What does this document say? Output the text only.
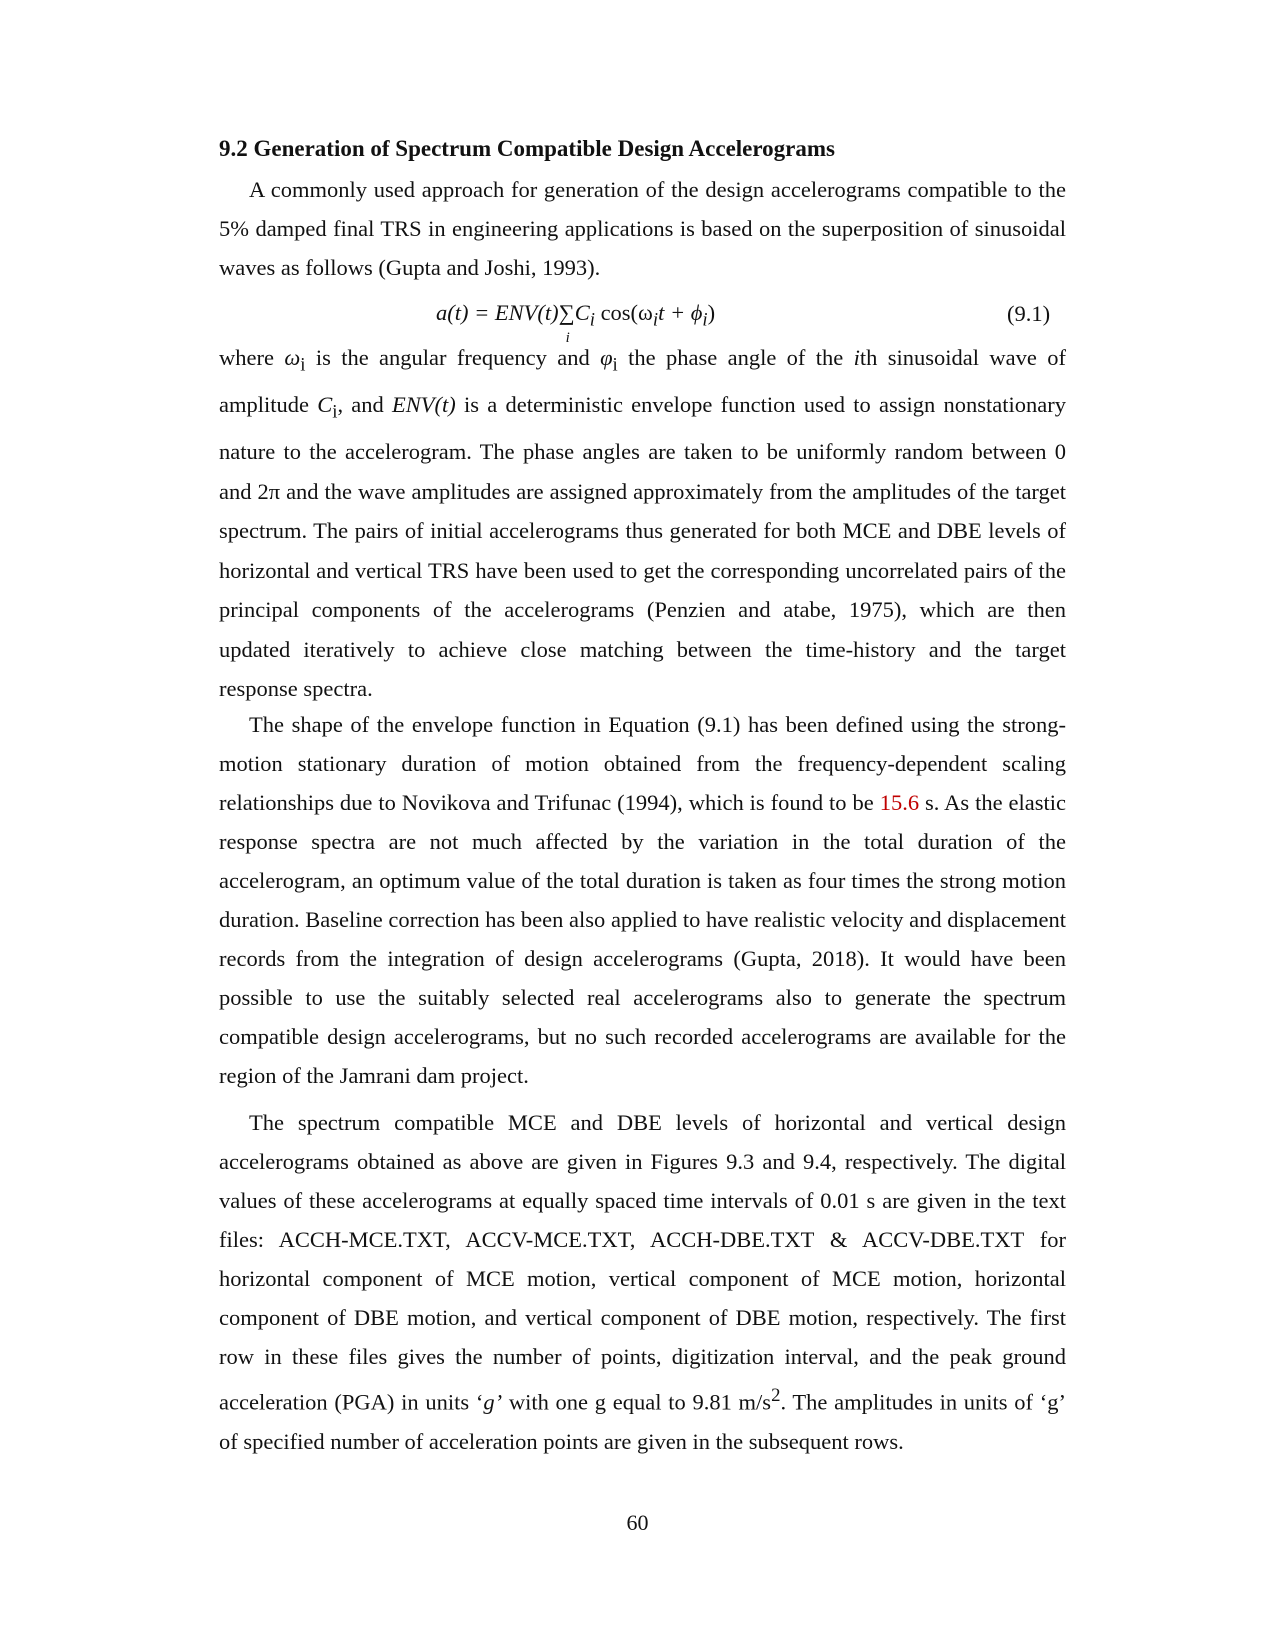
9.2 Generation of Spectrum Compatible Design Accelerograms

A commonly used approach for generation of the design accelerograms compatible to the 5% damped final TRS in engineering applications is based on the superposition of sinusoidal waves as follows (Gupta and Joshi, 1993).

a(t) = ENV(t)∑
i
$C_i$ $\cos(\omega_it + \phi_i)$	(9.1)

where $\omega_i$ is the angular frequency and $\varphi_i$ the phase angle of the ith sinusoidal wave of amplitude $C_i$, and ENV(t) is a deterministic envelope function used to assign nonstationary nature to the accelerogram. The phase angles are taken to be uniformly random between 0 and 2π and the wave amplitudes are assigned approximately from the amplitudes of the target spectrum. The pairs of initial accelerograms thus generated for both MCE and DBE levels of horizontal and vertical TRS have been used to get the corresponding uncorrelated pairs of the principal components of the accelerograms (Penzien and atabe, 1975), which are then updated iteratively to achieve close matching between the time-history and the target response spectra.

The shape of the envelope function in Equation (9.1) has been defined using the strong-motion stationary duration of motion obtained from the frequency-dependent scaling relationships due to Novikova and Trifunac (1994), which is found to be 15.6 s. As the elastic response spectra are not much affected by the variation in the total duration of the accelerogram, an optimum value of the total duration is taken as four times the strong motion duration. Baseline correction has been also applied to have realistic velocity and displacement records from the integration of design accelerograms (Gupta, 2018). It would have been possible to use the suitably selected real accelerograms also to generate the spectrum compatible design accelerograms, but no such recorded accelerograms are available for the region of the Jamrani dam project.

The spectrum compatible MCE and DBE levels of horizontal and vertical design accelerograms obtained as above are given in Figures 9.3 and 9.4, respectively. The digital values of these accelerograms at equally spaced time intervals of 0.01 s are given in the text files: ACCH-MCE.TXT, ACCV-MCE.TXT, ACCH-DBE.TXT & ACCV-DBE.TXT for horizontal component of MCE motion, vertical component of MCE motion, horizontal component of DBE motion, and vertical component of DBE motion, respectively. The first row in these files gives the number of points, digitization interval, and the peak ground acceleration (PGA) in units ‘g’ with one g equal to 9.81 $m/s^2$. The amplitudes in units of ‘g’ of specified number of acceleration points are given in the subsequent rows.

60
